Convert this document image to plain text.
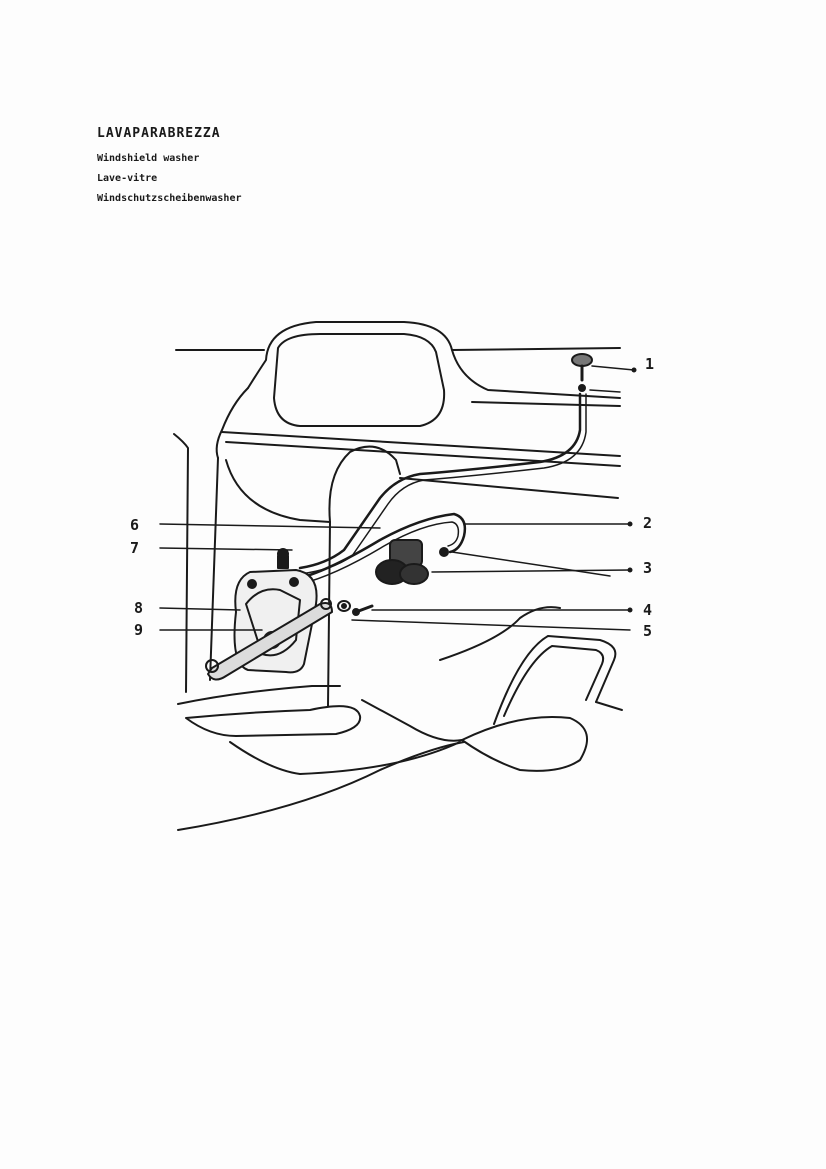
LAVAPARABREZZA
Windshield washer
Lave-vitre
Windschutzscheibenwasher
1
2
3
4
5
6
7
8
9
